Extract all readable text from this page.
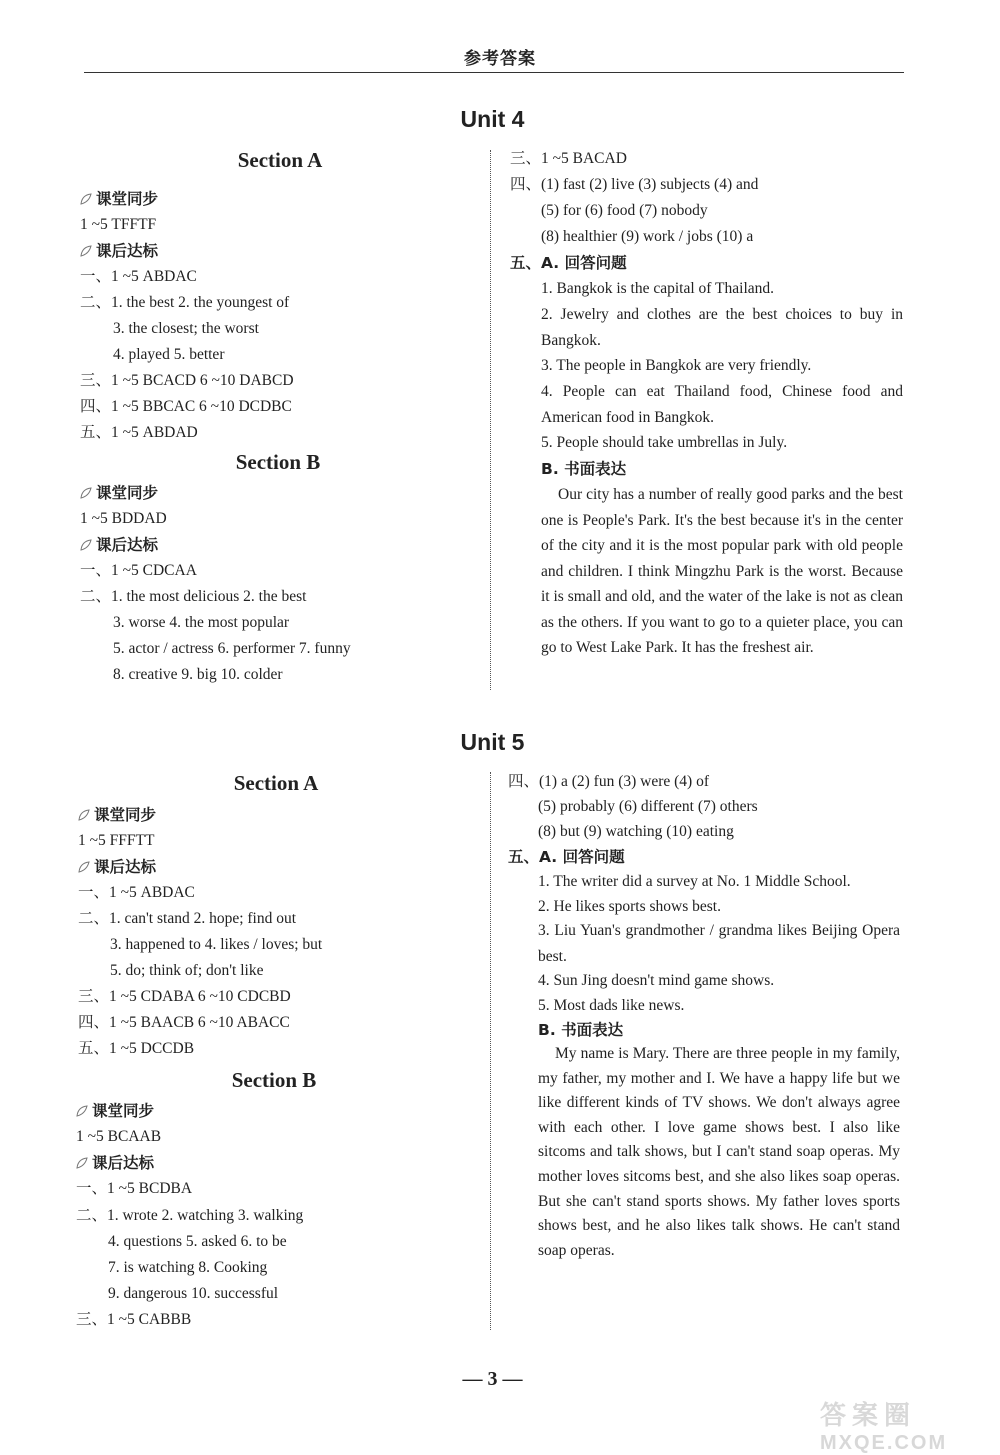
参考答案
Unit 4
Section A
课堂同步
1 ~5 TFFTF
课后达标
一、1 ~5 ABDAC
二、1. the best 2. the youngest of
3. the closest; the worst
4. played 5. better
三、1 ~5 BCACD 6 ~10 DABCD
四、1 ~5 BBCAC 6 ~10 DCDBC
五、1 ~5 ABDAD
Section B
课堂同步
1 ~5 BDDAD
课后达标
一、1 ~5 CDCAA
二、1. the most delicious 2. the best
3. worse 4. the most popular
5. actor / actress 6. performer 7. funny
8. creative 9. big 10. colder
三、1 ~5 BACAD
四、(1) fast (2) live (3) subjects (4) and
(5) for (6) food (7) nobody
(8) healthier (9) work / jobs (10) a
五、A. 回答问题
1. Bangkok is the capital of Thailand.
2. Jewelry and clothes are the best choices to buy in Bangkok.
3. The people in Bangkok are very friendly.
4. People can eat Thailand food, Chinese food and American food in Bangkok.
5. People should take umbrellas in July.
B. 书面表达
Our city has a number of really good parks and the best one is People's Park. It's the best because it's in the center of the city and it is the most popular park with old people and children. I think Mingzhu Park is the worst. Because it is small and old, and the water of the lake is not as clean as the others. If you want to go to a quieter place, you can go to West Lake Park. It has the freshest air.
Unit 5
Section A
课堂同步
1 ~5 FFFTT
课后达标
一、1 ~5 ABDAC
二、1. can't stand 2. hope; find out
3. happened to 4. likes / loves; but
5. do; think of; don't like
三、1 ~5 CDABA 6 ~10 CDCBD
四、1 ~5 BAACB 6 ~10 ABACC
五、1 ~5 DCCDB
Section B
课堂同步
1 ~5 BCAAB
课后达标
一、1 ~5 BCDBA
二、1. wrote 2. watching 3. walking
4. questions 5. asked 6. to be
7. is watching 8. Cooking
9. dangerous 10. successful
三、1 ~5 CABBB
四、(1) a (2) fun (3) were (4) of
(5) probably (6) different (7) others
(8) but (9) watching (10) eating
五、A. 回答问题
1. The writer did a survey at No. 1 Middle School.
2. He likes sports shows best.
3. Liu Yuan's grandmother / grandma likes Beijing Opera best.
4. Sun Jing doesn't mind game shows.
5. Most dads like news.
B. 书面表达
My name is Mary. There are three people in my family, my father, my mother and I. We have a happy life but we like different kinds of TV shows. We don't always agree with each other. I love game shows best. I also like sitcoms and talk shows, but I can't stand soap operas. My mother loves sitcoms best, and she also likes soap operas. But she can't stand sports shows. My father loves sports shows best, and he also likes talk shows. He can't stand soap operas.
— 3 —
答案圈
MXQE.COM
